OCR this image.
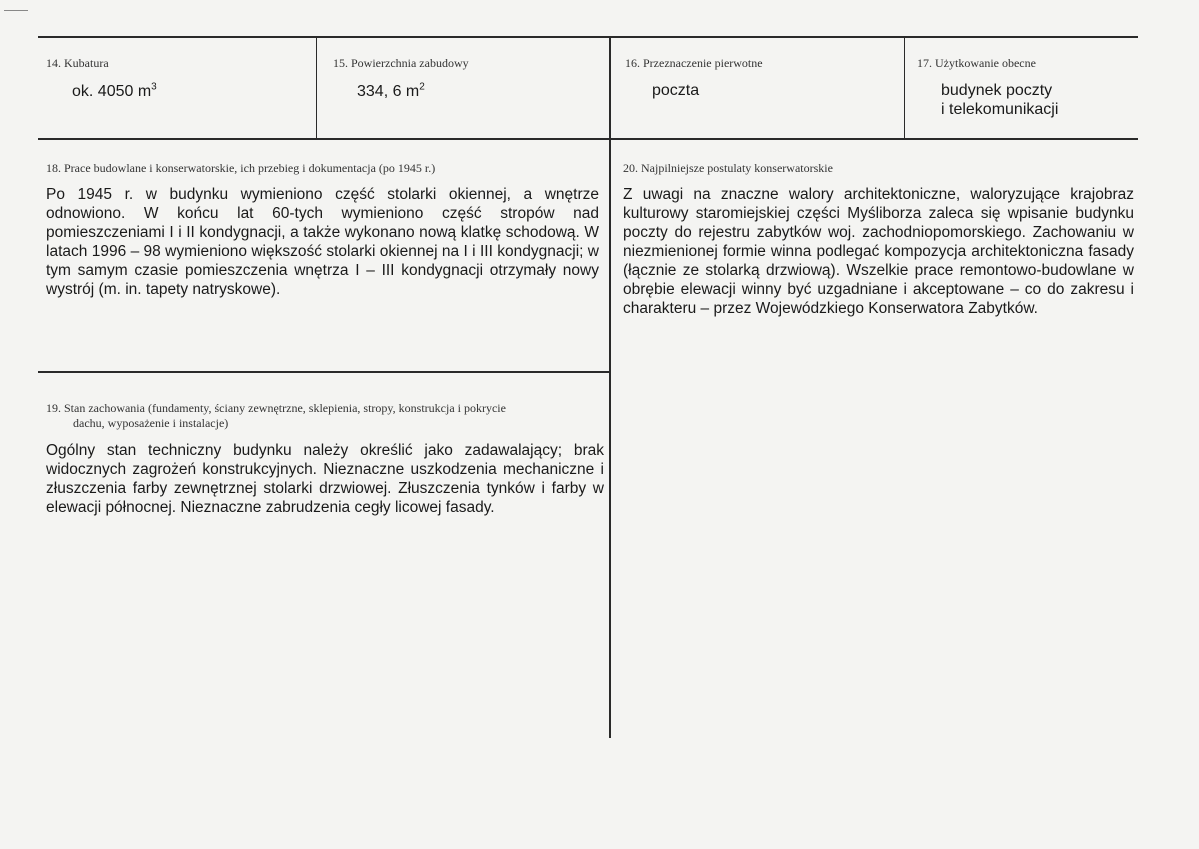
14. Kubatura
ok. 4050 $m^3$
15. Powierzchnia zabudowy
334, 6 $m^2$
16. Przeznaczenie pierwotne
poczta
17. Użytkowanie obecne
budynek poczty
i telekomunikacji
18. Prace budowlane i konserwatorskie, ich przebieg i dokumentacja (po 1945 r.)
Po 1945 r. w budynku wymieniono część stolarki okiennej, a wnętrze odnowiono. W końcu lat 60-tych wymieniono część stropów nad pomieszczeniami I i II kondygnacji, a także wykonano nową klatkę schodową. W latach 1996 – 98 wymieniono większość stolarki okiennej na I i III kondygnacji; w tym samym czasie pomieszczenia wnętrza I – III kondygnacji otrzymały nowy wystrój (m. in. tapety natryskowe).
20. Najpilniejsze postulaty konserwatorskie
Z uwagi na znaczne walory architektoniczne, waloryzujące krajobraz kulturowy staromiejskiej części Myśliborza zaleca się wpisanie budynku poczty do rejestru zabytków woj. zachodniopomorskiego. Zachowaniu w niezmienionej formie winna podlegać kompozycja architektoniczna fasady (łącznie ze stolarką drzwiową). Wszelkie prace remontowo-budowlane w obrębie elewacji winny być uzgadniane i akceptowane – co do zakresu i charakteru – przez Wojewódzkiego Konserwatora Zabytków.
19. Stan zachowania (fundamenty, ściany zewnętrzne, sklepienia, stropy, konstrukcja i pokrycie
dachu, wyposażenie i instalacje)
Ogólny stan techniczny budynku należy określić jako zadawalający; brak widocznych zagrożeń konstrukcyjnych. Nieznaczne uszkodzenia mechaniczne i złuszczenia farby zewnętrznej stolarki drzwiowej. Złuszczenia tynków i farby w elewacji północnej. Nieznaczne zabrudzenia cegły licowej fasady.
